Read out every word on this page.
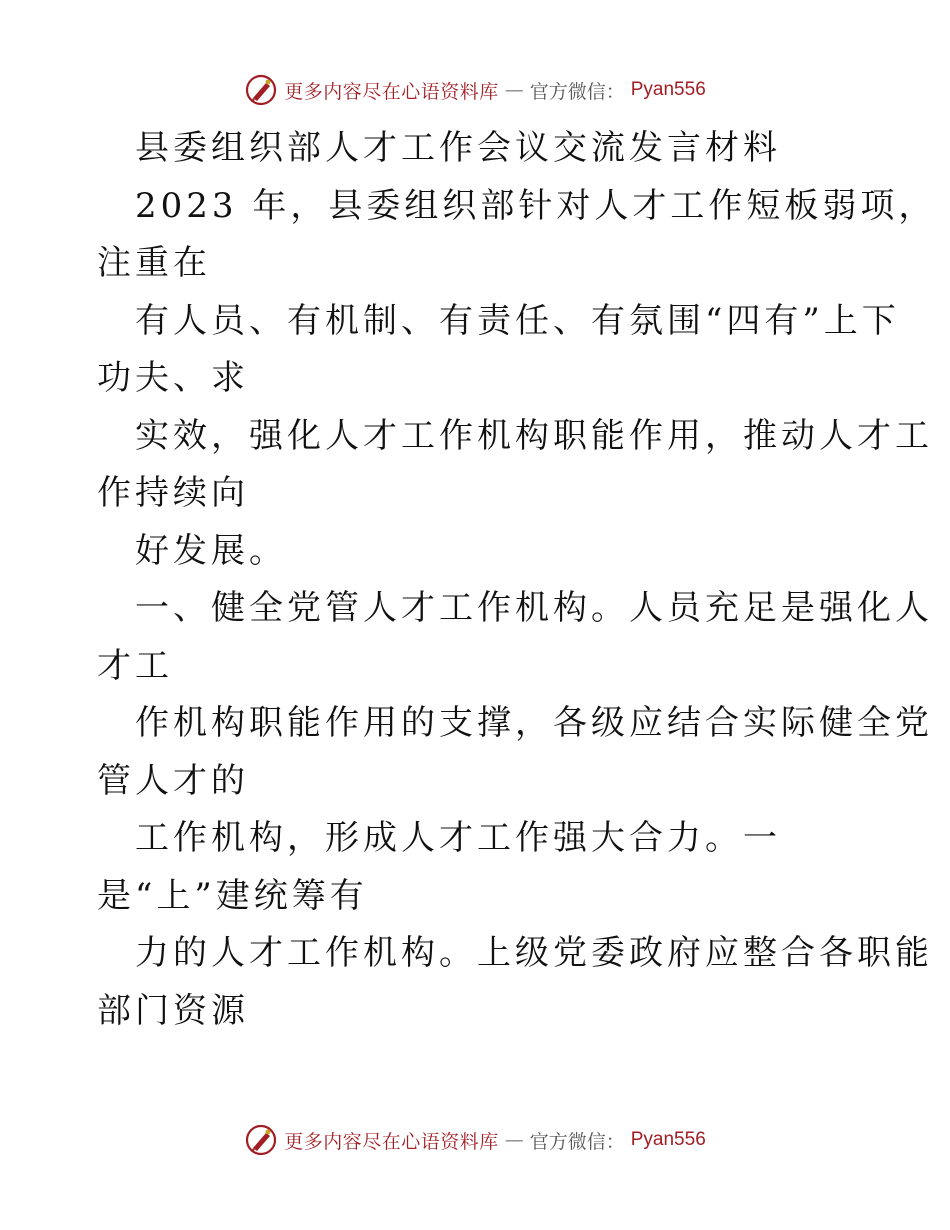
更多内容尽在心语资料库 — 官方微信： Pyan556
县委组织部人才工作会议交流发言材料
2023 年，县委组织部针对人才工作短板弱项，
注重在
有人员、有机制、有责任、有氛围“四有”上下
功夫、求
实效，强化人才工作机构职能作用，推动人才工
作持续向
好发展。
一、健全党管人才工作机构。人员充足是强化人
才工
作机构职能作用的支撑，各级应结合实际健全党
管人才的
工作机构，形成人才工作强大合力。一
是“上”建统筹有
力的人才工作机构。上级党委政府应整合各职能
部门资源
更多内容尽在心语资料库 — 官方微信： Pyan556
